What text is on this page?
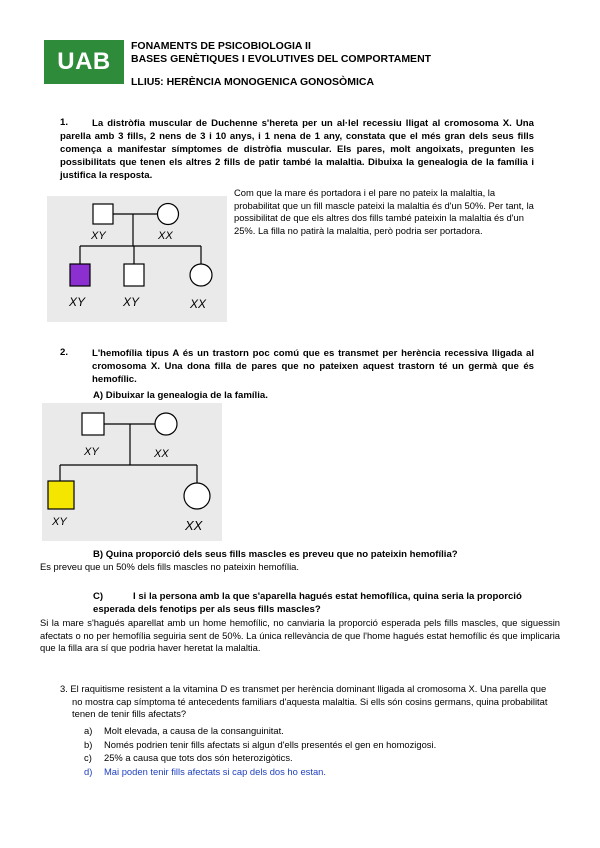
UAB
FONAMENTS DE PSICOBIOLOGIA II
BASES GENÈTIQUES I EVOLUTIVES DEL COMPORTAMENT
LLIU5: HERÈNCIA MONOGENICA GONOSÒMICA
1.	La distròfia muscular de Duchenne s'hereta per un al·lel recessiu lligat al cromosoma X. Una parella amb 3 fills, 2 nens de 3 i 10 anys, i 1 nena de 1 any, constata que el més gran dels seus fills comença a manifestar símptomes de distròfia muscular. Els pares, molt angoixats, pregunten les possibilitats que tenen els altres 2 fills de patir també la malaltia. Dibuixa la genealogia de la família i justifica la resposta.
XY	XX
XY	XY	XX
Com que la mare és portadora i el pare no pateix la malaltia, la probabilitat que un fill mascle pateixi la malaltia és d'un 50%. Per tant, la possibilitat de que els altres dos fills també pateixin la malaltia és d'un 25%. La filla no patirà la malaltia, però podria ser portadora.
2. L'hemofília tipus A és un trastorn poc comú que es transmet per herència recessiva lligada al cromosoma X. Una dona filla de pares que no pateixen aquest trastorn té un germà que és hemofílic.
A) Dibuixar la genealogia de la família.
XY	XX
XY	XX
B) Quina proporció dels seus fills mascles es preveu que no pateixin hemofília?
Es preveu que un 50% dels fills mascles no pateixin hemofília.
C)	I si la persona amb la que s'aparella hagués estat hemofílica, quina seria la proporció esperada dels fenotips per als seus fills mascles?
Si la mare s'hagués aparellat amb un home hemofílic, no canviaria la proporció esperada pels fills mascles, que siguessin afectats o no per hemofília seguiria sent de 50%. La única rellevància de que l'home hagués estat hemofílic és que implicaria que la filla ara sí que podria haver heretat la malaltia.
3. El raquitisme resistent a la vitamina D es transmet per herència dominant lligada al cromosoma X. Una parella que no mostra cap símptoma té antecedents familiars d'aquesta malaltia. Si ells són cosins germans, quina probabilitat tenen de tenir fills afectats?
a) Molt elevada, a causa de la consanguinitat.
b) Només podrien tenir fills afectats si algun d'ells presentés el gen en homozigosi.
c) 25% a causa que tots dos són heterozigòtics.
d) Mai poden tenir fills afectats si cap dels dos ho estan.
